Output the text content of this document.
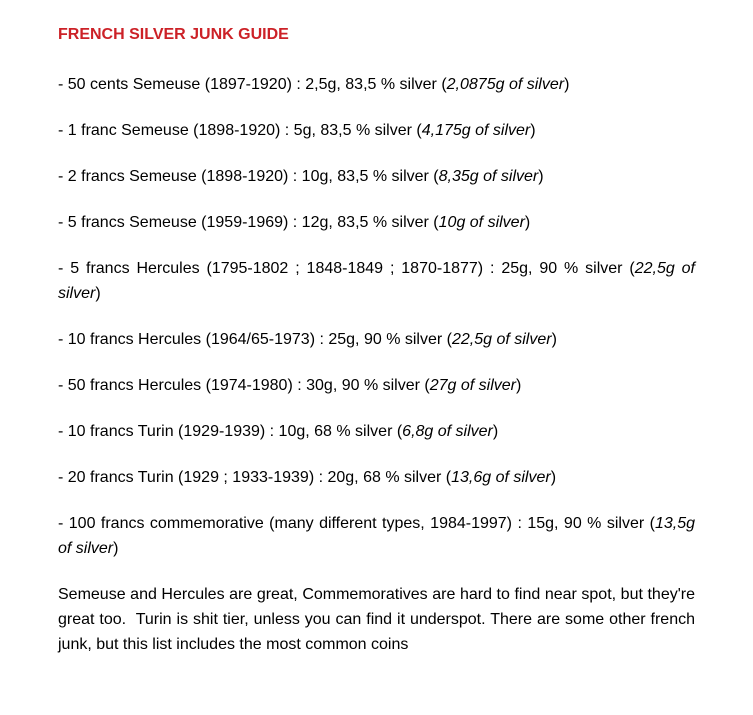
FRENCH SILVER JUNK GUIDE

- 50 cents Semeuse (1897-1920) : 2,5g, 83,5 % silver (2,0875g of silver)

- 1 franc Semeuse (1898-1920) : 5g, 83,5 % silver (4,175g of silver)

- 2 francs Semeuse (1898-1920) : 10g, 83,5 % silver (8,35g of silver)

- 5 francs Semeuse (1959-1969) : 12g, 83,5 % silver (10g of silver)

- 5 francs Hercules (1795-1802 ; 1848-1849 ; 1870-1877) : 25g, 90 % silver (22,5g of silver)

- 10 francs Hercules (1964/65-1973) : 25g, 90 % silver (22,5g of silver)

- 50 francs Hercules (1974-1980) : 30g, 90 % silver (27g of silver)

- 10 francs Turin (1929-1939) : 10g, 68 % silver (6,8g of silver)

- 20 francs Turin (1929 ; 1933-1939) : 20g, 68 % silver (13,6g of silver)

- 100 francs commemorative (many different types, 1984-1997) : 15g, 90 % silver (13,5g of silver)

Semeuse and Hercules are great, Commemoratives are hard to find near spot, but they're great too.  Turin is shit tier, unless you can find it underspot. There are some other french junk, but this list includes the most common coins
